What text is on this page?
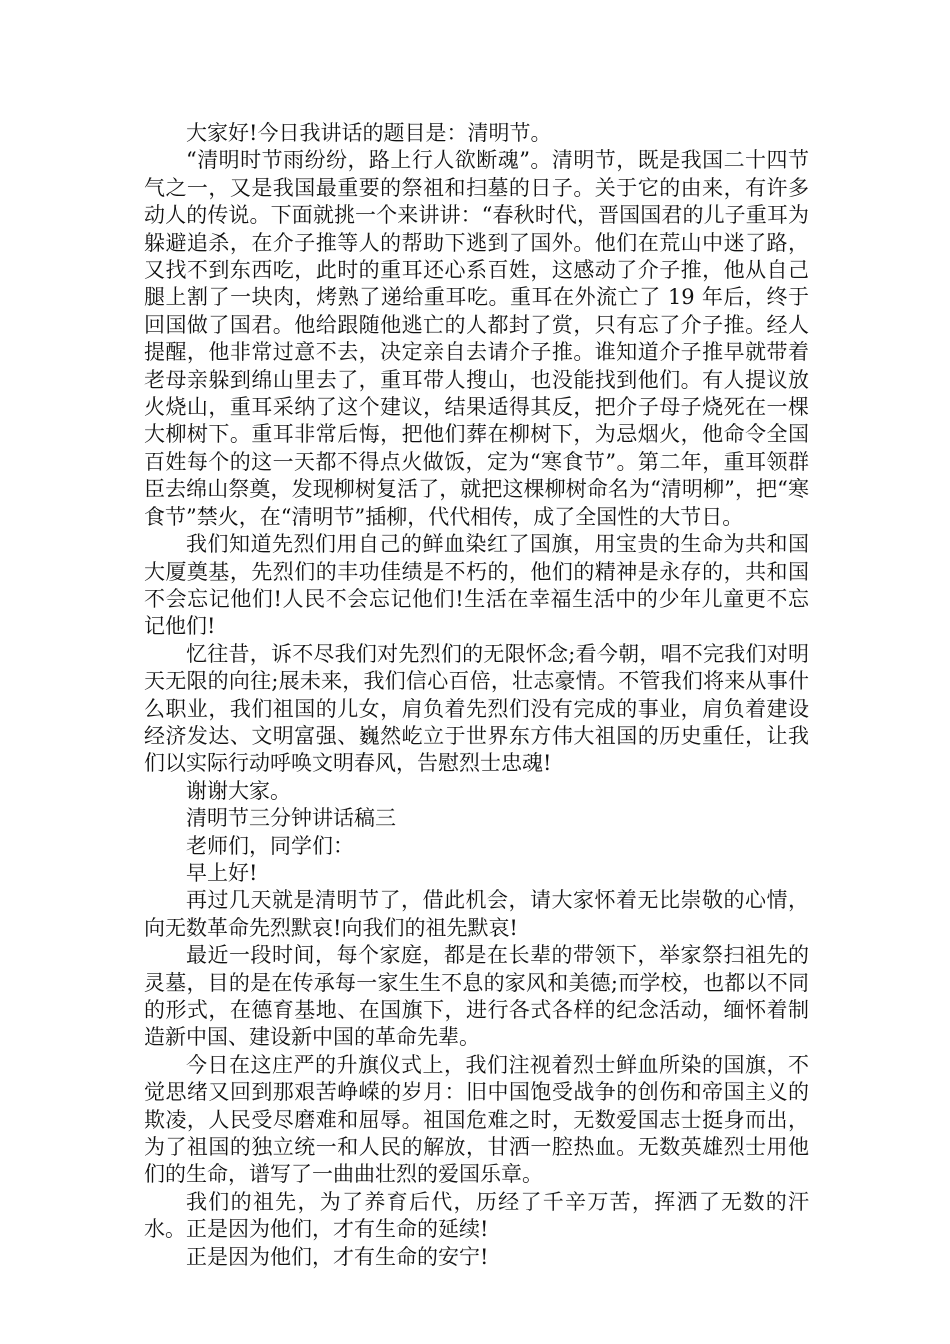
大家好!今日我讲话的题目是：清明节。

“清明时节雨纷纷，路上行人欲断魂”。清明节，既是我国二十四节气之一，又是我国最重要的祭祖和扫墓的日子。关于它的由来，有许多动人的传说。下面就挑一个来讲讲：“春秋时代，晋国国君的儿子重耳为躲避追杀，在介子推等人的帮助下逃到了国外。他们在荒山中迷了路，又找不到东西吃，此时的重耳还心系百姓，这感动了介子推，他从自己腿上割了一块肉，烤熟了递给重耳吃。重耳在外流亡了 19 年后，终于回国做了国君。他给跟随他逃亡的人都封了赏，只有忘了介子推。经人提醒，他非常过意不去，决定亲自去请介子推。谁知道介子推早就带着老母亲躲到绵山里去了，重耳带人搜山，也没能找到他们。有人提议放火烧山，重耳采纳了这个建议，结果适得其反，把介子母子烧死在一棵大柳树下。重耳非常后悔，把他们葬在柳树下，为忌烟火，他命令全国百姓每个的这一天都不得点火做饭，定为“寒食节”。第二年，重耳领群臣去绵山祭奠，发现柳树复活了，就把这棵柳树命名为“清明柳”，把“寒食节”禁火，在“清明节”插柳，代代相传，成了全国性的大节日。

我们知道先烈们用自己的鲜血染红了国旗，用宝贵的生命为共和国大厦奠基，先烈们的丰功佳绩是不朽的，他们的精神是永存的，共和国不会忘记他们!人民不会忘记他们!生活在幸福生活中的少年儿童更不忘记他们!

忆往昔，诉不尽我们对先烈们的无限怀念;看今朝，唱不完我们对明天无限的向往;展未来，我们信心百倍，壮志豪情。不管我们将来从事什么职业，我们祖国的儿女，肩负着先烈们没有完成的事业，肩负着建设经济发达、文明富强、巍然屹立于世界东方伟大祖国的历史重任，让我们以实际行动呼唤文明春风，告慰烈士忠魂!

谢谢大家。

清明节三分钟讲话稿三

老师们，同学们：

早上好!

再过几天就是清明节了，借此机会，请大家怀着无比崇敬的心情，向无数革命先烈默哀!向我们的祖先默哀!

最近一段时间，每个家庭，都是在长辈的带领下，举家祭扫祖先的灵墓，目的是在传承每一家生生不息的家风和美德;而学校，也都以不同的形式，在德育基地、在国旗下，进行各式各样的纪念活动，缅怀着制造新中国、建设新中国的革命先辈。

今日在这庄严的升旗仪式上，我们注视着烈士鲜血所染的国旗，不觉思绪又回到那艰苦峥嵘的岁月：旧中国饱受战争的创伤和帝国主义的欺凌，人民受尽磨难和屈辱。祖国危难之时，无数爱国志士挺身而出，为了祖国的独立统一和人民的解放，甘洒一腔热血。无数英雄烈士用他们的生命，谱写了一曲曲壮烈的爱国乐章。

我们的祖先，为了养育后代，历经了千辛万苦，挥洒了无数的汗水。正是因为他们，才有生命的延续!

正是因为他们，才有生命的安宁!
